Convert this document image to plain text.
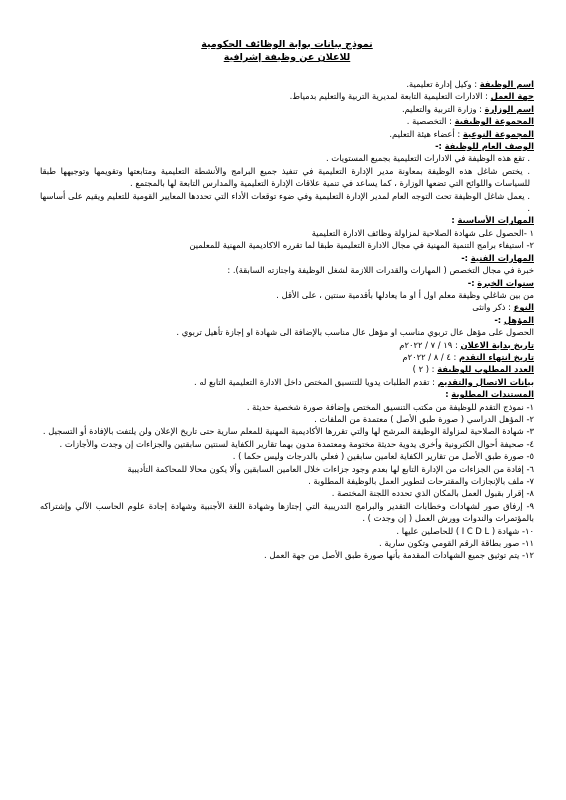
نموذج بيانات بوابة الوظائف الحكومية
للاعلان عن وظيفة إشرافية

اسم الوظيفة : وكيل إدارة تعليمية.

جهة العمل : الادارات التعليمية التابعة لمديرية التربية والتعليم بدمياط.

اسم الوزارة : وزارة التربية والتعليم.

المجموعة الوظيفية : التخصصية .

المجموعة النوعية : أعضاء هيئة التعليم.

الوصف العام للوظيفة :-

. تقع هذه الوظيفة في الادارات التعليمية بجميع المستويات .

. يختص شاغل هذه الوظيفة بمعاونة مدير الإدارة التعليمية في تنفيذ جميع البرامج والأنشطة التعليمية ومتابعتها وتقويمها وتوجيهها طبقا للسياسات واللوائح التي تضعها الوزارة ، كما يساعد في تنمية علاقات الإدارة التعليمية والمدارس التابعة لها بالمجتمع .

. يعمل شاغل الوظيفة تحت التوجه العام لمدير الإدارة التعليمية وفي ضوء توقعات الأداء التي تحددها المعايير القومية للتعليم ويقيم على أساسها .

المهارات الأساسية :

١ -الحصول على شهادة الصلاحية لمزاولة وظائف الادارة التعليمية

٢- استيفاء برامج التنمية المهنية في مجال الادارة التعليمية طبقا لما تقرره الاكاديمية المهنية للمعلمين

المهارات الفنية :-

خبرة في مجال التخصص ( المهارات والقدرات اللازمة لشغل الوظيفة واجتازته السابقة). :

سنوات الخبرة :-

من بين شاغلي وظيفة معلم اول أ او ما يعادلها بأقدمية سنتين ، على الأقل .

النوع : ذكر وانثى

المؤهل :-

الحصول على مؤهل عال تربوي مناسب او مؤهل عال مناسب بالإضافة الى شهادة او إجازة تأهيل تربوي .

تاريخ بداية الاعلان : ١٩ / ٧ / ٢٠٢٢م

تاريخ انتهاء التقدم : ٤ / ٨ / ٢٠٢٢م

العدد المطلوب للوظيفة : ( ٢ )

بيانات الاتصال والتقديم : تقدم الطلبات يدويا للتنسيق المختص داخل الادارة التعليمية التابع له .

المستندات المطلوبة :

١- نموذج التقدم للوظيفة من مكتب التنسيق المختص وإضافة صورة شخصية حديثة .

٢- المؤهل الدراسي ( صورة طبق الأصل ) معتمدة من الملفات .

٣- شهادة الصلاحية لمزاولة الوظيفة المرشح لها والتي تقررها الأكاديمية المهنية للمعلم سارية حتى تاريخ الإعلان ولن يلتفت بالإفادة أو التسجيل .

٤- صحيفة أحوال الكترونية وأخرى يدوية حديثة مختومة ومعتمدة مدون بهما تقارير الكفاية لسنتين سابقتين والجزاءات إن وجدت والأجازات .

٥- صورة طبق الأصل من تقارير الكفاية لعامين سابقين ( فعلي بالدرجات وليس حكما ) .

٦- إفادة من الجزاءات من الإدارة التابع لها بعدم وجود جزاءات خلال العامين السابقين وألا يكون محالا للمحاكمة التأديبية

٧- ملف بالإنجازات والمقترحات لتطوير العمل بالوظيفة المطلوبة .

٨- إقرار بقبول العمل بالمكان الذي تحدده اللجنة المختصة .

٩- إرفاق صور لشهادات وخطابات التقدير والبرامج التدريبية التي إجتازها وشهادة اللغة الأجنبية وشهادة إجادة علوم الحاسب الآلي وإشتراكه بالمؤتمرات والندوات وورش العمل ( إن وجدت ) .

١٠- شهادة ( I C D L ) للحاصلين عليها .

١١- صور بطاقة الرقم القومي وتكون سارية .

١٢- يتم توثيق جميع الشهادات المقدمة بأنها صورة طبق الأصل من جهة العمل .
